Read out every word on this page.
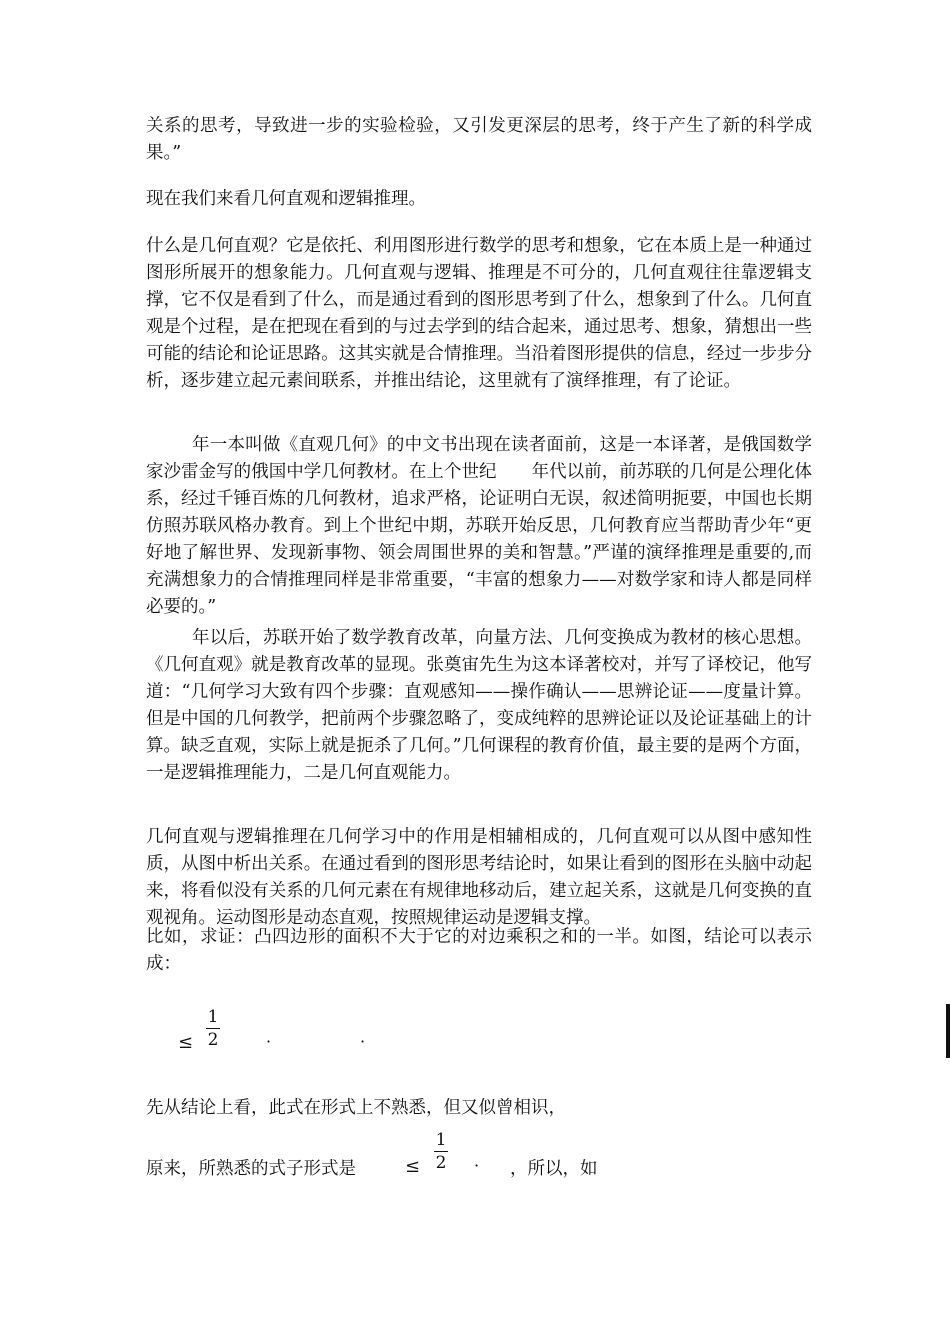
关系的思考，导致进一步的实验检验，又引发更深层的思考，终于产生了新的科学成果。”

现在我们来看几何直观和逻辑推理。

什么是几何直观？它是依托、利用图形进行数学的思考和想象，它在本质上是一种通过图形所展开的想象能力。几何直观与逻辑、推理是不可分的，几何直观往往靠逻辑支撑，它不仅是看到了什么，而是通过看到的图形思考到了什么，想象到了什么。几何直观是个过程，是在把现在看到的与过去学到的结合起来，通过思考、想象，猜想出一些可能的结论和论证思路。这其实就是合情推理。当沿着图形提供的信息，经过一步步分析，逐步建立起元素间联系，并推出结论，这里就有了演绎推理，有了论证。

年一本叫做《直观几何》的中文书出现在读者面前，这是一本译著，是俄国数学家沙雷金写的俄国中学几何教材。在上个世纪　　年代以前，前苏联的几何是公理化体系，经过千锤百炼的几何教材，追求严格，论证明白无误，叙述简明扼要，中国也长期仿照苏联风格办教育。到上个世纪中期，苏联开始反思，几何教育应当帮助青少年“更好地了解世界、发现新事物、领会周围世界的美和智慧。”严谨的演绎推理是重要的,而充满想象力的合情推理同样是非常重要，“丰富的想象力——对数学家和诗人都是同样必要的。”

年以后，苏联开始了数学教育改革，向量方法、几何变换成为教材的核心思想。《几何直观》就是教育改革的显现。张奠宙先生为这本译著校对，并写了译校记，他写道：“几何学习大致有四个步骤：直观感知——操作确认——思辨论证——度量计算。但是中国的几何教学，把前两个步骤忽略了，变成纯粹的思辨论证以及论证基础上的计算。缺乏直观，实际上就是扼杀了几何。”几何课程的教育价值，最主要的是两个方面，一是逻辑推理能力，二是几何直观能力。

几何直观与逻辑推理在几何学习中的作用是相辅相成的，几何直观可以从图中感知性质，从图中析出关系。在通过看到的图形思考结论时，如果让看到的图形在头脑中动起来，将看似没有关系的几何元素在有规律地移动后，建立起关系，这就是几何变换的直观视角。运动图形是动态直观，按照规律运动是逻辑支撑。

比如，求证：凸四边形的面积不大于它的对边乘积之和的一半。如图，结论可以表示成：

≤
1
2	·	·

先从结论上看，此式在形式上不熟悉，但又似曾相识，

原来，所熟悉的式子形式是	≤
1
2 · ，所以，如
